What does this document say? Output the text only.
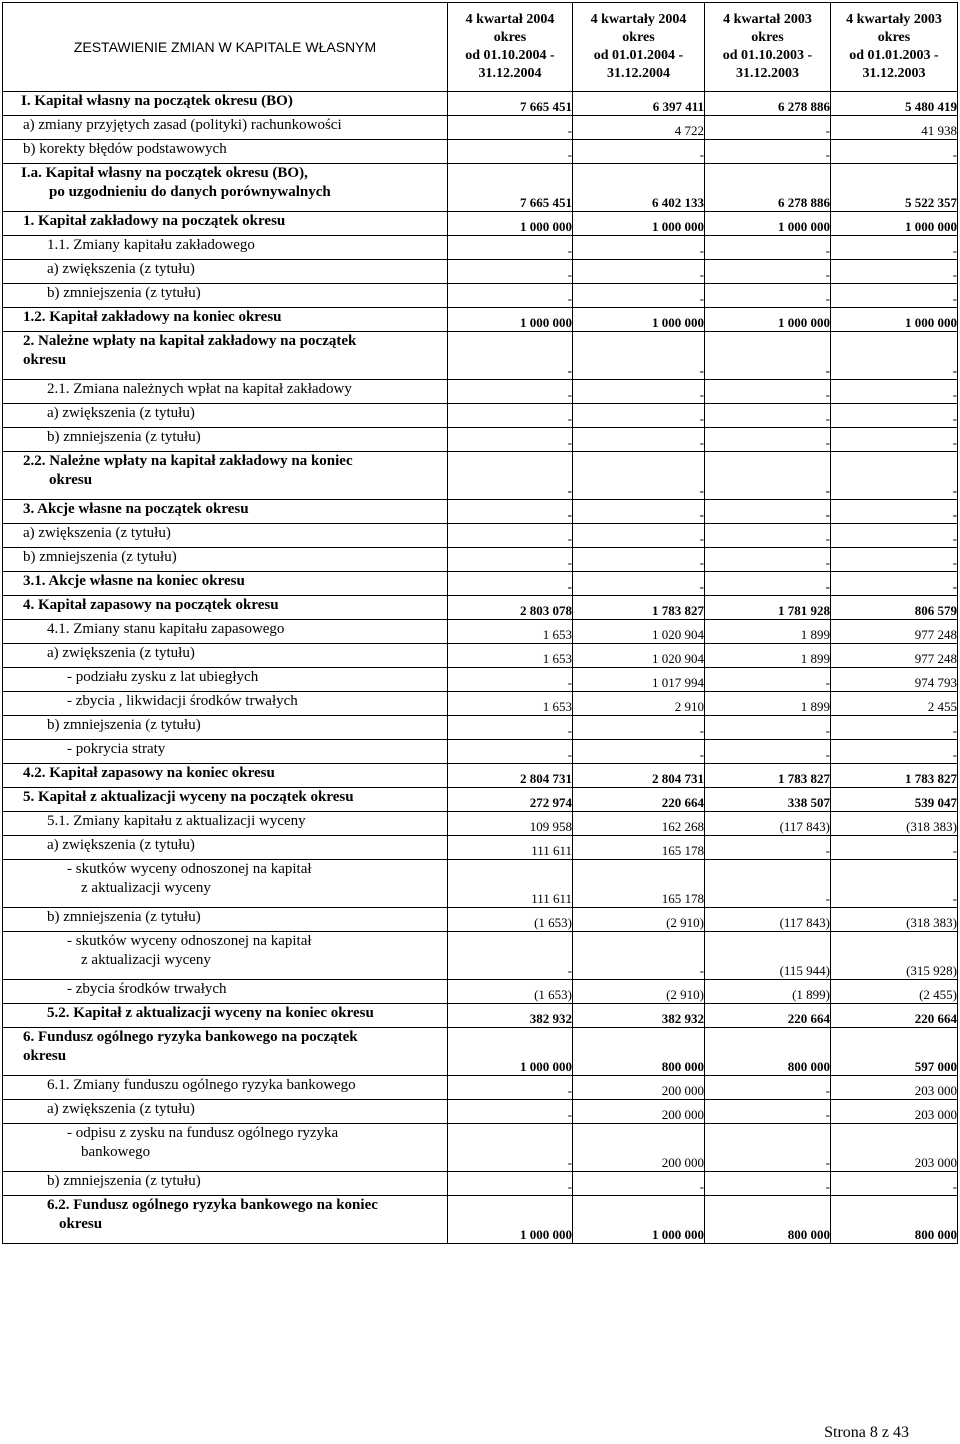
ZESTAWIENIE ZMIAN W KAPITALE WŁASNYM	4 kwartał 2004
okres
od 01.10.2004 -
31.12.2004	4 kwartały 2004
okres
od 01.01.2004 -
31.12.2004	4 kwartał 2003
okres
od 01.10.2003 -
31.12.2003	4 kwartały 2003
okres
od 01.01.2003 -
31.12.2003

I. Kapitał własny na początek okresu (BO)	7 665 451	6 397 411	6 278 886	5 480 419

a) zmiany przyjętych zasad (polityki) rachunkowości	-	4 722	-	41 938

b) korekty błędów podstawowych	-	-	-	-

I.a. Kapitał własny na początek okresu (BO),
po uzgodnieniu do danych porównywalnych	7 665 451	6 402 133	6 278 886	5 522 357

1. Kapitał zakładowy na początek okresu	1 000 000	1 000 000	1 000 000	1 000 000

1.1. Zmiany kapitału zakładowego	-	-	-	-

a) zwiększenia (z tytułu)	-	-	-	-

b) zmniejszenia (z tytułu)	-	-	-	-

1.2. Kapitał zakładowy na koniec okresu	1 000 000	1 000 000	1 000 000	1 000 000

2. Należne wpłaty na kapitał zakładowy na początek
okresu	-	-	-	-

2.1. Zmiana należnych wpłat na kapitał zakładowy	-	-	-	-

a) zwiększenia (z tytułu)	-	-	-	-

b) zmniejszenia (z tytułu)	-	-	-	-

2.2. Należne wpłaty na kapitał zakładowy na koniec
okresu	-	-	-	-

3. Akcje własne na początek okresu	-	-	-	-

a) zwiększenia (z tytułu)	-	-	-	-

b) zmniejszenia (z tytułu)	-	-	-	-

3.1. Akcje własne na koniec okresu	-	-	-	-

4. Kapitał zapasowy na początek okresu	2 803 078	1 783 827	1 781 928	806 579

4.1. Zmiany stanu kapitału zapasowego	1 653	1 020 904	1 899	977 248

a) zwiększenia (z tytułu)	1 653	1 020 904	1 899	977 248

- podziału zysku z lat ubiegłych	-	1 017 994	-	974 793

- zbycia , likwidacji środków trwałych	1 653	2 910	1 899	2 455

b) zmniejszenia (z tytułu)	-	-	-	-

- pokrycia straty	-	-	-	-

4.2. Kapitał zapasowy na koniec okresu	2 804 731	2 804 731	1 783 827	1 783 827

5. Kapitał z aktualizacji wyceny na początek okresu	272 974	220 664	338 507	539 047

5.1. Zmiany kapitału z aktualizacji wyceny	109 958	162 268	(117 843)	(318 383)

a) zwiększenia (z tytułu)	111 611	165 178	-	-

- skutków wyceny odnoszonej na kapitał
z aktualizacji wyceny	111 611	165 178	-	-

b) zmniejszenia (z tytułu)	(1 653)	(2 910)	(117 843)	(318 383)

- skutków wyceny odnoszonej na kapitał
z aktualizacji wyceny	-	-	(115 944)	(315 928)

- zbycia środków trwałych	(1 653)	(2 910)	(1 899)	(2 455)

5.2. Kapitał z aktualizacji wyceny na koniec okresu	382 932	382 932	220 664	220 664

6. Fundusz ogólnego ryzyka bankowego na początek
okresu	1 000 000	800 000	800 000	597 000

6.1. Zmiany funduszu ogólnego ryzyka bankowego	-	200 000	-	203 000

a) zwiększenia (z tytułu)	-	200 000	-	203 000

- odpisu z zysku na fundusz ogólnego ryzyka
bankowego	-	200 000	-	203 000

b) zmniejszenia (z tytułu)	-	-	-	-

6.2. Fundusz ogólnego ryzyka bankowego na koniec
okresu	1 000 000	1 000 000	800 000	800 000
Strona 8 z 43
